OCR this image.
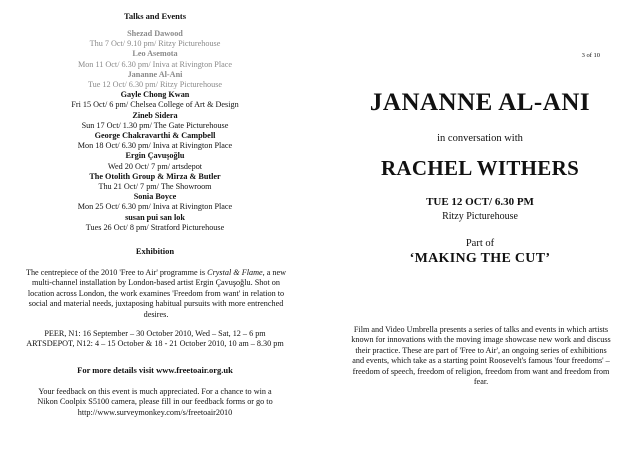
Talks and Events
Shezad Dawood
Thu 7 Oct/ 9.10 pm/ Ritzy Picturehouse
Leo Asemota
Mon 11 Oct/ 6.30 pm/ Iniva at Rivington Place
Jananne Al-Ani
Tue 12 Oct/ 6.30 pm/ Ritzy Picturehouse
Gayle Chong Kwan
Fri 15 Oct/ 6 pm/ Chelsea College of Art & Design
Zineb Sidera
Sun 17 Oct/ 1.30 pm/ The Gate Picturehouse
George Chakravarthi & Campbell
Mon 18 Oct/ 6.30 pm/ Iniva at Rivington Place
Ergin Çavuşoğlu
Wed 20 Oct/ 7 pm/ artsdepot
The Otolith Group & Mirza & Butler
Thu 21 Oct/ 7 pm/ The Showroom
Sonia Boyce
Mon 25 Oct/ 6.30 pm/ Iniva at Rivington Place
susan pui san lok
Tues 26 Oct/ 8 pm/ Stratford Picturehouse
Exhibition
The centrepiece of the 2010 'Free to Air' programme is Crystal & Flame, a new multi-channel installation by London-based artist Ergin Çavuşoğlu. Shot on location across London, the work examines 'Freedom from want' in relation to social and material needs, juxtaposing habitual pursuits with more entrenched desires.
PEER, N1: 16 September – 30 October 2010, Wed – Sat, 12 – 6 pm
ARTSDEPOT, N12: 4 – 15 October & 18 - 21 October 2010, 10 am – 8.30 pm
For more details visit www.freetoair.org.uk
Your feedback on this event is much appreciated. For a chance to win a Nikon Coolpix S5100 camera, please fill in our feedback forms or go to http://www.surveymonkey.com/s/freetoair2010
3 of 10
JANANNE AL-ANI
in conversation with
RACHEL WITHERS
TUE 12 OCT/ 6.30 PM
Ritzy Picturehouse
Part of
‘MAKING THE CUT’
Film and Video Umbrella presents a series of talks and events in which artists known for innovations with the moving image showcase new work and discuss their practice. These are part of 'Free to Air', an ongoing series of exhibitions and events, which take as a starting point Roosevelt's famous 'four freedoms' – freedom of speech, freedom of religion, freedom from want and freedom from fear.
